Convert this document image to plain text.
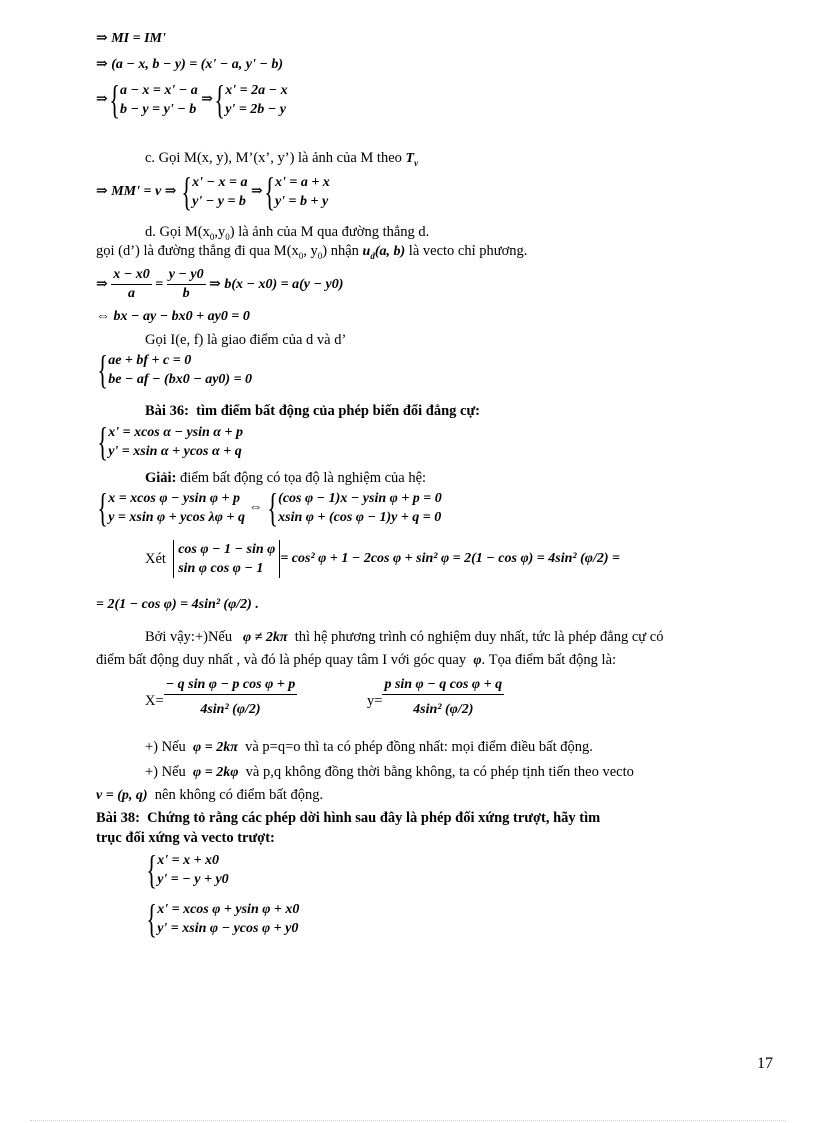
⇒ MI = IM'
⇒ (a − x, b − y) = (x' − a, y' − b)
⇒ { a − x = x' − a
b − y = y' − b
⇒ { x' = 2a − x
y' = 2b − y
c. Gọi M(x, y), M’(x’, y’) là ảnh của M theo $T_v$
⇒ MM' = v ⇒
{ x' − x = a
y' − y = b
⇒ { x' = a + x
y' = b + y
d. Gọi $M(x_0,y_0)$ là ảnh của M qua đường thẳng d.
gọi (d’) là đường thẳng đi qua $M(x_0$, $y_0$) nhận $u_d(a$, b) là vecto chỉ phương.
⇒
$\frac{x - x0}{a} = \frac{y - y0}{b}$
⇒ b(x − x0) = a(y − y0)
⇔ bx − ay − bx0 + ay0 = 0
Gọi I(e, f) là giao điểm của d và d’
{ ae + bf + c = 0
be − af − (bx0 − ay0) = 0
Bài 36: tìm điểm bất động của phép biến đổi đẳng cự:
{ x' = xcos α − ysin α + p
y' = xsin α + ycos α + q
Giải: điểm bất động có tọa độ là nghiệm của hệ:
{ x = xcos φ − ysin φ + p
y = xsin φ + ycos λφ + q

⇔
{ (cos φ − 1)x − ysin φ + p = 0
xsin φ + (cos φ − 1)y + q = 0
Xét

cos φ − 1 − sin φ
sin φ cos φ − 1
= cos² φ + 1 − 2cos φ + sin² φ = 2(1 − cos φ) = 4sin² (φ/2) =
= 2(1 − cos φ) = 4sin² (φ/2) .
Bởi vậy:+)Nếu φ ≠ 2kπ thì hệ phương trình có nghiệm duy nhất, tức là phép đẳng cự có
điểm bất động duy nhất , và đó là phép quay tâm I với góc quay φ. Tọa điểm bất động là:
$X= \frac{\text{− q sin φ − p cos φ + p}}{\text{4sin² (φ/2)}}$	$y= \frac{\text{p sin φ − q cos φ + q}}{\text{4sin² (φ/2)}}$
+) Nếu φ = 2kπ và p=q=o thì ta có phép đồng nhất: mọi điểm điều bất động.
+) Nếu φ = 2kφ và p,q không đồng thời bằng không, ta có phép tịnh tiến theo vecto
v = (p, q) nên không có điểm bất động.
Bài 38: Chứng tỏ rằng các phép dời hình sau đây là phép đối xứng trượt, hãy tìm
trục đối xứng và vecto trượt:
{ x' = x + x0
y' = − y + y0
{ x' = xcos φ + ysin φ + x0
y' = xsin φ − ycos φ + y0
17
